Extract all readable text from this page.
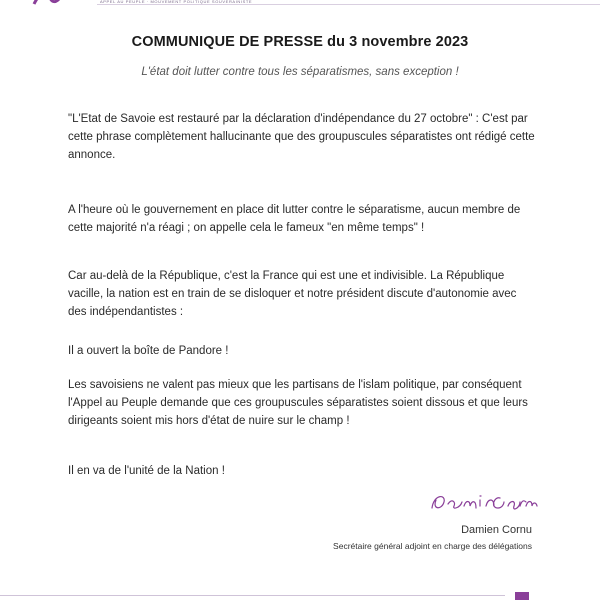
APPEL AU PEUPLE · MOUVEMENT POLITIQUE SOUVERAINISTE
COMMUNIQUE DE PRESSE du 3 novembre 2023
L'état doit lutter contre tous les séparatismes, sans exception !

"L'Etat de Savoie est restauré par la déclaration d'indépendance du 27 octobre" : C'est par cette phrase complètement hallucinante que des groupuscules séparatistes ont rédigé cette annonce.

A l'heure où le gouvernement en place dit lutter contre le séparatisme, aucun membre de cette majorité n'a réagi ; on appelle cela le fameux "en même temps" !

Car au-delà de la République, c'est la France qui est une et indivisible. La République vacille, la nation est en train de se disloquer et notre président discute d'autonomie avec des indépendantistes :

Il a ouvert la boîte de Pandore !

Les savoisiens ne valent pas mieux que les partisans de l'islam politique, par conséquent l'Appel au Peuple demande que ces groupuscules séparatistes soient dissous et que leurs dirigeants soient mis hors d'état de nuire sur le champ !

Il en va de l'unité de la Nation !

Damien Cornu
Secrétaire général adjoint en charge des délégations
